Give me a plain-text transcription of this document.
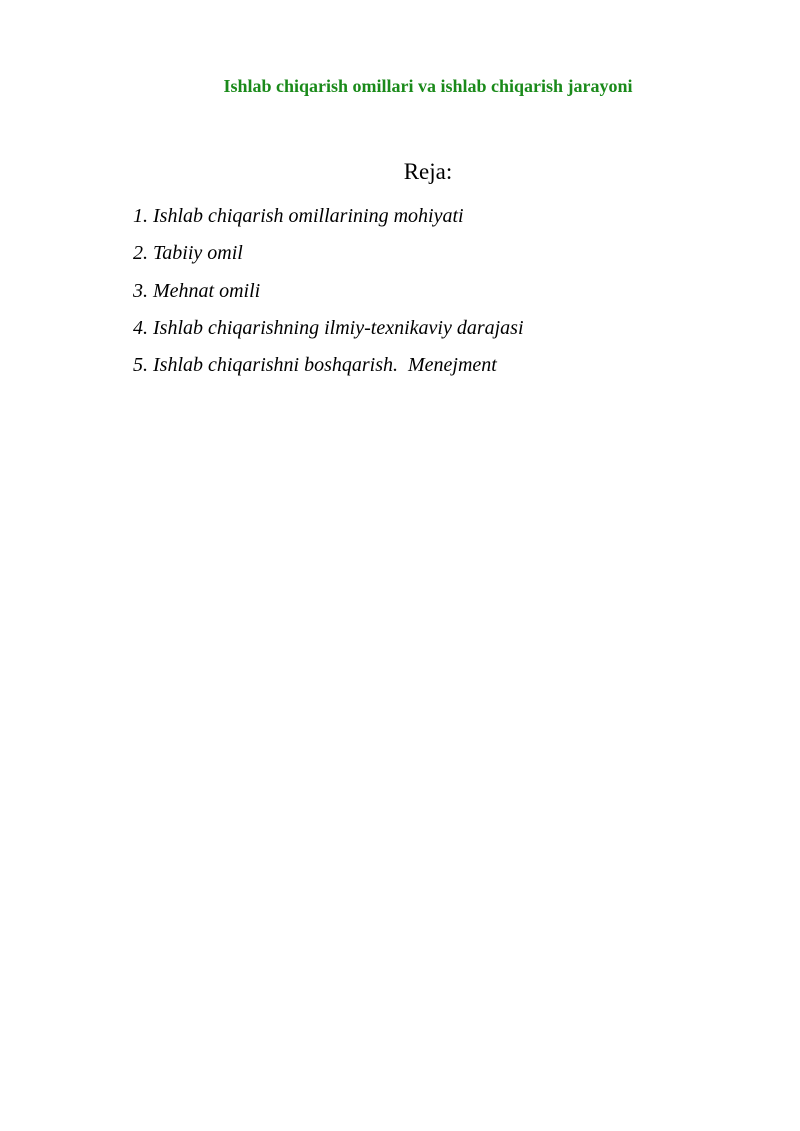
Ishlab chiqarish omillari va ishlab chiqarish jarayoni
Reja:
1. Ishlab chiqarish omillarining mohiyati
2. Tabiiy omil
3. Mehnat omili
4. Ishlab chiqarishning ilmiy-texnikaviy darajasi
5. Ishlab chiqarishni boshqarish.  Menejment
